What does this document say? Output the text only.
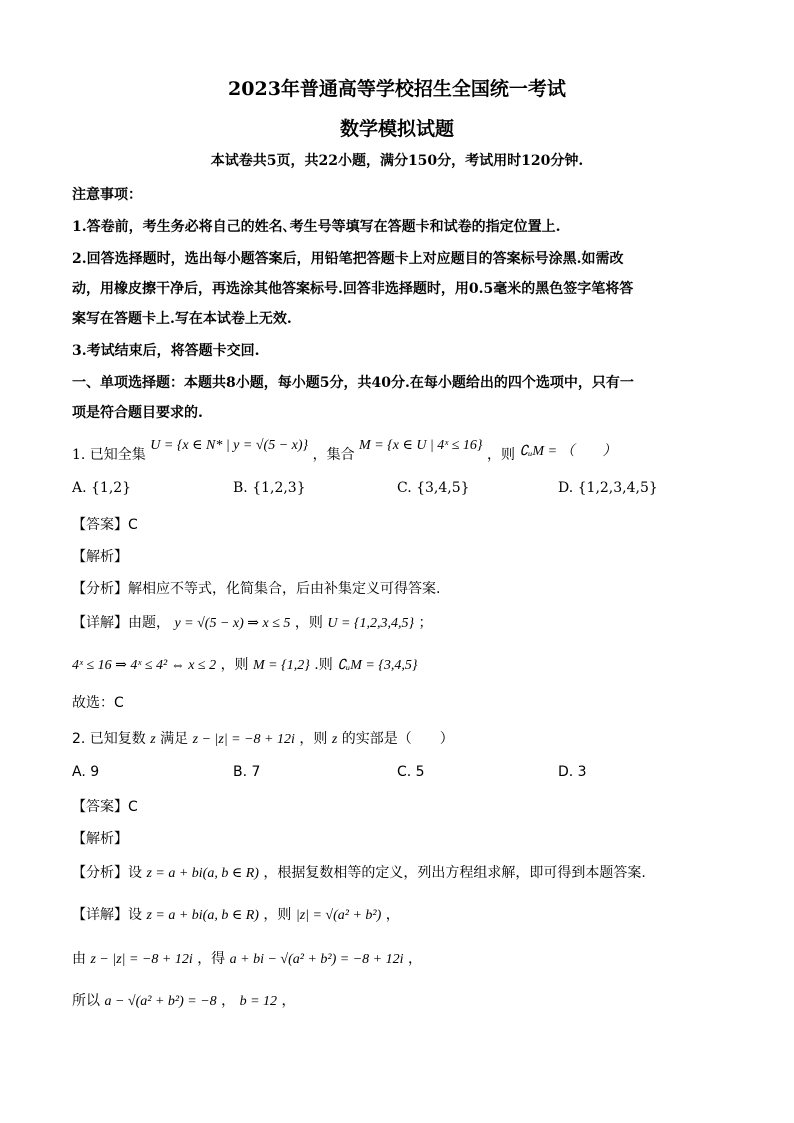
2023年普通高等学校招生全国统一考试
数学模拟试题
本试卷共5页，共22小题，满分150分，考试用时120分钟.
注意事项：
1.答卷前，考生务必将自己的姓名､考生号等填写在答题卡和试卷的指定位置上.
2.回答选择题时，选出每小题答案后，用铅笔把答题卡上对应题目的答案标号涂黑.如需改
动，用橡皮擦干净后，再选涂其他答案标号.回答非选择题时，用0.5毫米的黑色签字笔将答
案写在答题卡上.写在本试卷上无效.
3.考试结束后，将答题卡交回.
一、单项选择题：本题共8小题，每小题5分，共40分.在每小题给出的四个选项中，只有一
项是符合题目要求的.
1. 已知全集 U = {x ∈ N* | y = √(5 − x)} ，集合 M = {x ∈ U | 4ˣ ≤ 16} ，则 ∁ᵤM = （　　）
A. {1,2}	B. {1,2,3}	C. {3,4,5}	D. {1,2,3,4,5}
【答案】C
【解析】
【分析】解相应不等式，化简集合，后由补集定义可得答案.
【详解】由题， y = √(5 − x) ⇒ x ≤ 5 ，则 U = {1,2,3,4,5} ；
4ˣ ≤ 16 ⇒ 4ˣ ≤ 4² ⇔ x ≤ 2 ，则 M = {1,2} .则 ∁ᵤM = {3,4,5}
故选：C
2. 已知复数 z 满足 z − |z| = −8 + 12i ，则 z 的实部是（　　）
A. 9	B. 7	C. 5	D. 3
【答案】C
【解析】
【分析】设 z = a + bi(a, b ∈ R) ，根据复数相等的定义，列出方程组求解，即可得到本题答案.
【详解】设 z = a + bi(a, b ∈ R) ，则 |z| = √(a² + b²) ，
由 z − |z| = −8 + 12i ，得 a + bi − √(a² + b²) = −8 + 12i ，
所以 a − √(a² + b²) = −8 ， b = 12 ，
